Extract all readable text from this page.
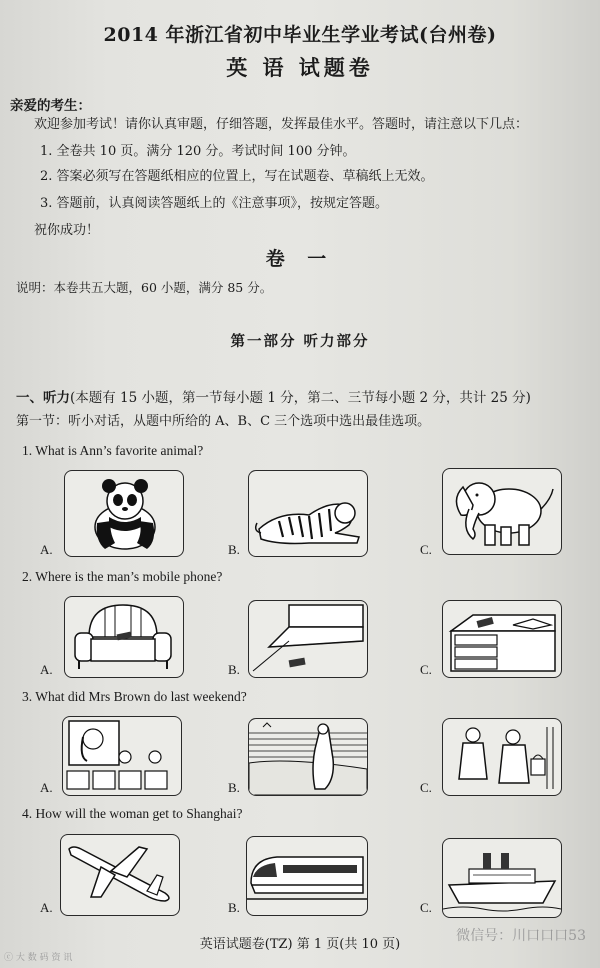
2014 年浙江省初中毕业生学业考试(台州卷)
英 语 试题卷
亲爱的考生：
欢迎参加考试！请你认真审题，仔细答题，发挥最佳水平。答题时，请注意以下几点：
1. 全卷共 10 页。满分 120 分。考试时间 100 分钟。
2. 答案必须写在答题纸相应的位置上，写在试题卷、草稿纸上无效。
3. 答题前，认真阅读答题纸上的《注意事项》，按规定答题。
祝你成功！
卷 一
说明：本卷共五大题，60 小题，满分 85 分。
第一部分 听力部分
一、听力(本题有 15 小题，第一节每小题 1 分，第二、三节每小题 2 分，共计 25 分)
第一节：听小对话，从题中所给的 A、B、C 三个选项中选出最佳选项。
1. What is Ann’s favorite animal?
A.	B.	C.
2. Where is the man’s mobile phone?
A.	B.	C.
3. What did Mrs Brown do last weekend?
A.	B.	C.
4. How will the woman get to Shanghai?
A.	B.	C.
英语试题卷(TZ) 第 1 页(共 10 页)
微信号：川口口口53
ⓒ 大 数 码 资 讯
